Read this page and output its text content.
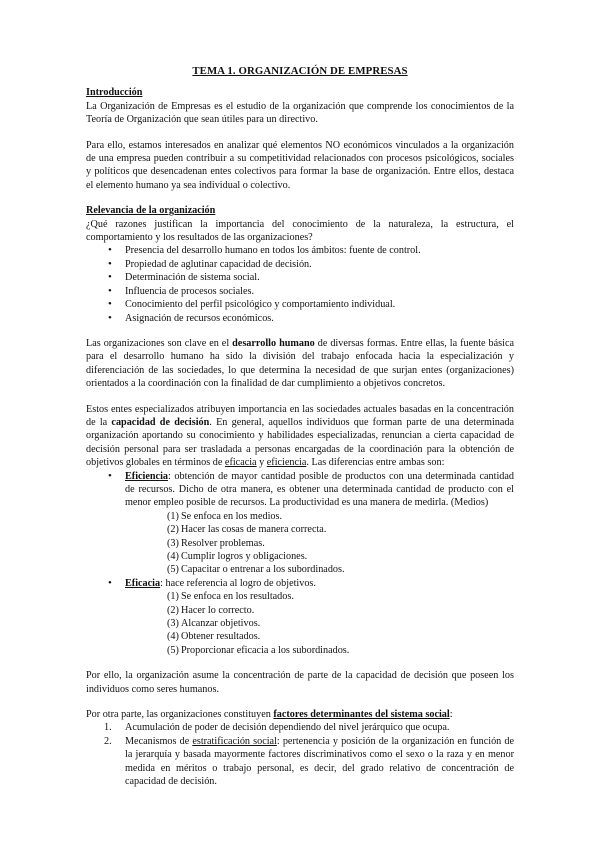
TEMA 1. ORGANIZACIÓN DE EMPRESAS
Introducción

La Organización de Empresas es el estudio de la organización que comprende los conocimientos de la Teoría de Organización que sean útiles para un directivo.

Para ello, estamos interesados en analizar qué elementos NO económicos vinculados a la organización de una empresa pueden contribuir a su competitividad relacionados con procesos psicológicos, sociales y políticos que desencadenan entes colectivos para formar la base de organización. Entre ellos, destaca el elemento humano ya sea individual o colectivo.

Relevancia de la organización

¿Qué razones justifican la importancia del conocimiento de la naturaleza, la estructura, el comportamiento y los resultados de las organizaciones?

• Presencia del desarrollo humano en todos los ámbitos: fuente de control.
• Propiedad de aglutinar capacidad de decisión.
• Determinación de sistema social.
• Influencia de procesos sociales.
• Conocimiento del perfil psicológico y comportamiento individual.
• Asignación de recursos económicos.

Las organizaciones son clave en el desarrollo humano de diversas formas. Entre ellas, la fuente básica para el desarrollo humano ha sido la división del trabajo enfocada hacia la especialización y diferenciación de las sociedades, lo que determina la necesidad de que surjan entes (organizaciones) orientados a la coordinación con la finalidad de dar cumplimiento a objetivos concretos.

Estos entes especializados atribuyen importancia en las sociedades actuales basadas en la concentración de la capacidad de decisión. En general, aquellos individuos que forman parte de una determinada organización aportando su conocimiento y habilidades especializadas, renuncian a cierta capacidad de decisión personal para ser trasladada a personas encargadas de la coordinación para la obtención de objetivos globales en términos de eficacia y eficiencia. Las diferencias entre ambas son:

• Eficiencia: obtención de mayor cantidad posible de productos con una determinada cantidad de recursos. Dicho de otra manera, es obtener una determinada cantidad de producto con el menor empleo posible de recursos. La productividad es una manera de medirla. (Medios)
(1) Se enfoca en los medios.
(2) Hacer las cosas de manera correcta.
(3) Resolver problemas.
(4) Cumplir logros y obligaciones.
(5) Capacitar o entrenar a los subordinados.
• Eficacia: hace referencia al logro de objetivos.
(1) Se enfoca en los resultados.
(2) Hacer lo correcto.
(3) Alcanzar objetivos.
(4) Obtener resultados.
(5) Proporcionar eficacia a los subordinados.

Por ello, la organización asume la concentración de parte de la capacidad de decisión que poseen los individuos como seres humanos.

Por otra parte, las organizaciones constituyen factores determinantes del sistema social:

1. Acumulación de poder de decisión dependiendo del nivel jerárquico que ocupa.
2. Mecanismos de estratificación social: pertenencia y posición de la organización en función de la jerarquía y basada mayormente factores discriminativos como el sexo o la raza y en menor medida en méritos o trabajo personal, es decir, del grado relativo de concentración de capacidad de decisión.
